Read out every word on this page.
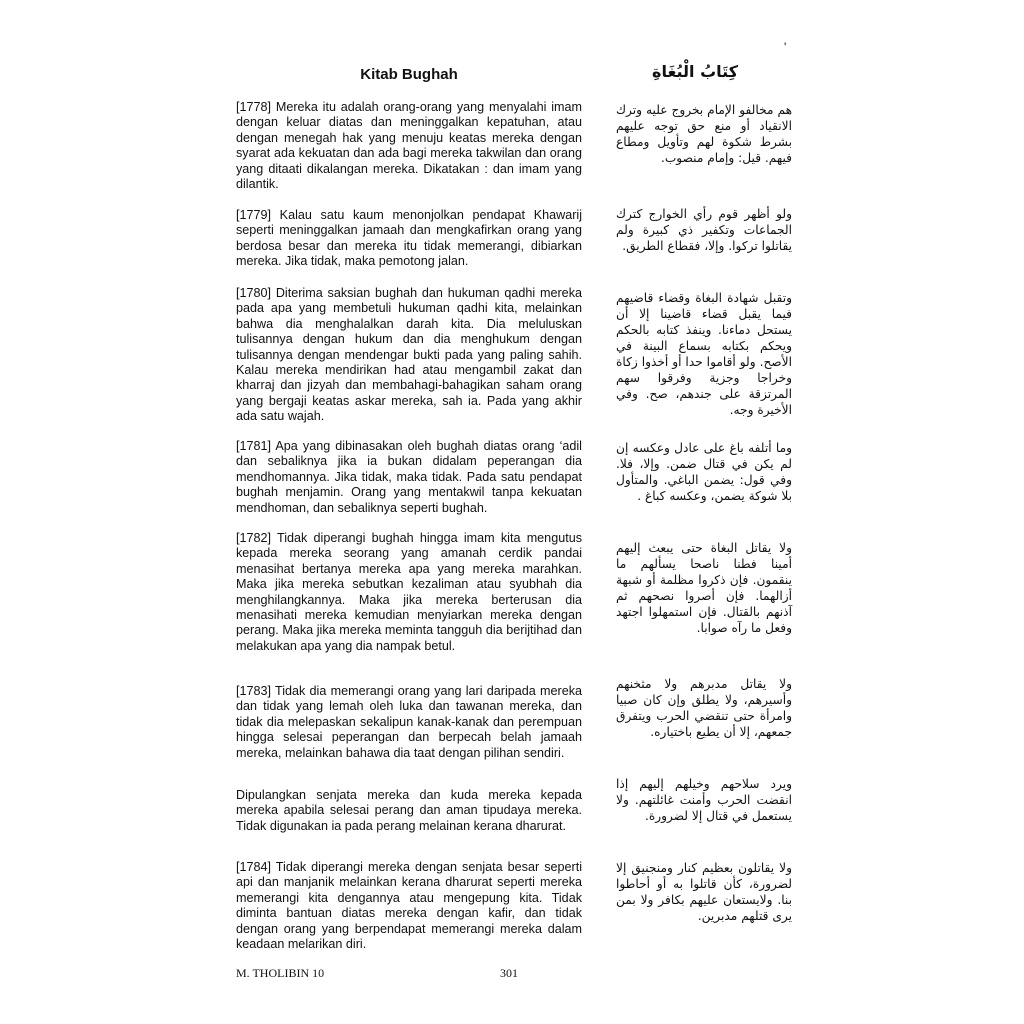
'
Kitab Bughah	كِتَابُ الْبُغَاةِ

[1778] Mereka itu adalah orang-orang yang menyalahi imam dengan keluar diatas dan meninggalkan kepatuhan, atau dengan menegah hak yang menuju keatas mereka dengan syarat ada kekuatan dan ada bagi mereka takwilan dan orang yang ditaati dikalangan mereka. Dikatakan : dan imam yang dilantik.

[1779] Kalau satu kaum menonjolkan pendapat Khawarij seperti meninggalkan jamaah dan mengkafirkan orang yang berdosa besar dan mereka itu tidak memerangi, dibiarkan mereka. Jika tidak, maka pemotong jalan.

[1780] Diterima saksian bughah dan hukuman qadhi mereka pada apa yang membetuli hukuman qadhi kita, melainkan bahwa dia menghalalkan darah kita. Dia meluluskan tulisannya dengan hukum dan dia menghukum dengan tulisannya dengan mendengar bukti pada yang paling sahih. Kalau mereka mendirikan had atau mengambil zakat dan kharraj dan jizyah dan membahagi-bahagikan saham orang yang bergaji keatas askar mereka, sah ia. Pada yang akhir ada satu wajah.

[1781] Apa yang dibinasakan oleh bughah diatas orang ‘adil dan sebaliknya jika ia bukan didalam peperangan dia mendhomannya. Jika tidak, maka tidak. Pada satu pendapat bughah menjamin. Orang yang mentakwil tanpa kekuatan mendhoman, dan sebaliknya seperti bughah.

[1782] Tidak diperangi bughah hingga imam kita mengutus kepada mereka seorang yang amanah cerdik pandai menasihat bertanya mereka apa yang mereka marahkan. Maka jika mereka sebutkan kezaliman atau syubhah dia menghilangkannya. Maka jika mereka berterusan dia menasihati mereka kemudian menyiarkan mereka dengan perang. Maka jika mereka meminta tangguh dia berijtihad dan melakukan apa yang dia nampak betul.

[1783] Tidak dia memerangi orang yang lari daripada mereka dan tidak yang lemah oleh luka dan tawanan mereka, dan tidak dia melepaskan sekalipun kanak-kanak dan perempuan hingga selesai peperangan dan berpecah belah jamaah mereka, melainkan bahawa dia taat dengan pilihan sendiri.

Dipulangkan senjata mereka dan kuda mereka kepada mereka apabila selesai perang dan aman tipudaya mereka. Tidak digunakan ia pada perang melainan kerana dharurat.

[1784] Tidak diperangi mereka dengan senjata besar seperti api dan manjanik melainkan kerana dharurat seperti mereka memerangi kita dengannya atau mengepung kita. Tidak diminta bantuan diatas mereka dengan kafir, dan tidak dengan orang yang berpendapat memerangi mereka dalam keadaan melarikan diri.

هم مخالفو الإمام بخروج عليه وترك الانقياد أو منع حق توجه عليهم بشرط شكوة لهم وتأويل ومطاع فيهم. قيل: وإمام منصوب.

ولو أظهر قوم رأي الخوارج كترك الجماعات وتكفير ذي كبيرة ولم يقاتلوا تركوا. وإلا، فقطاع الطريق.

وتقبل شهادة البغاة وقضاء قاضيهم فيما يقبل قضاء قاضينا إلا أن يستحل دماءنا. وينفذ كتابه بالحكم ويحكم بكتابه بسماع البينة في الأصح. ولو أقاموا حدا أو أخذوا زكاة وخراجا وجزية وفرقوا سهم المرتزقة على جندهم، صح. وفي الأخيرة وجه.

وما أتلفه باغ على عادل وعكسه إن لم يكن في قتال ضمن. وإلا، فلا. وفي قول: يضمن الباغي. والمتأول بلا شوكة يضمن، وعكسه كباغ .

ولا يقاتل البغاة حتى يبعث إليهم أمينا فطنا ناصحا يسألهم ما ينقمون. فإن ذكروا مظلمة أو شبهة أزالهما. فإن أصروا نصحهم ثم آذنهم بالقتال. فإن استمهلوا اجتهد وفعل ما رآه صوابا.

ولا يقاتل مدبرهم ولا مثخنهم وأسيرهم، ولا يطلق وإن كان صبيا وامرأة حتى تنقضي الحرب ويتفرق جمعهم، إلا أن يطيع باختياره.

ويرد سلاحهم وخيلهم إليهم إذا انقضت الحرب وأمنت غائلتهم. ولا يستعمل في قتال إلا لضرورة.

ولا يقاتلون بعظيم كنار ومنجنيق إلا لضرورة، كأن قاتلوا به أو أحاطوا بنا. ولايستعان عليهم بكافر ولا بمن يرى قتلهم مدبرين.

M. THOLIBIN 10	301
